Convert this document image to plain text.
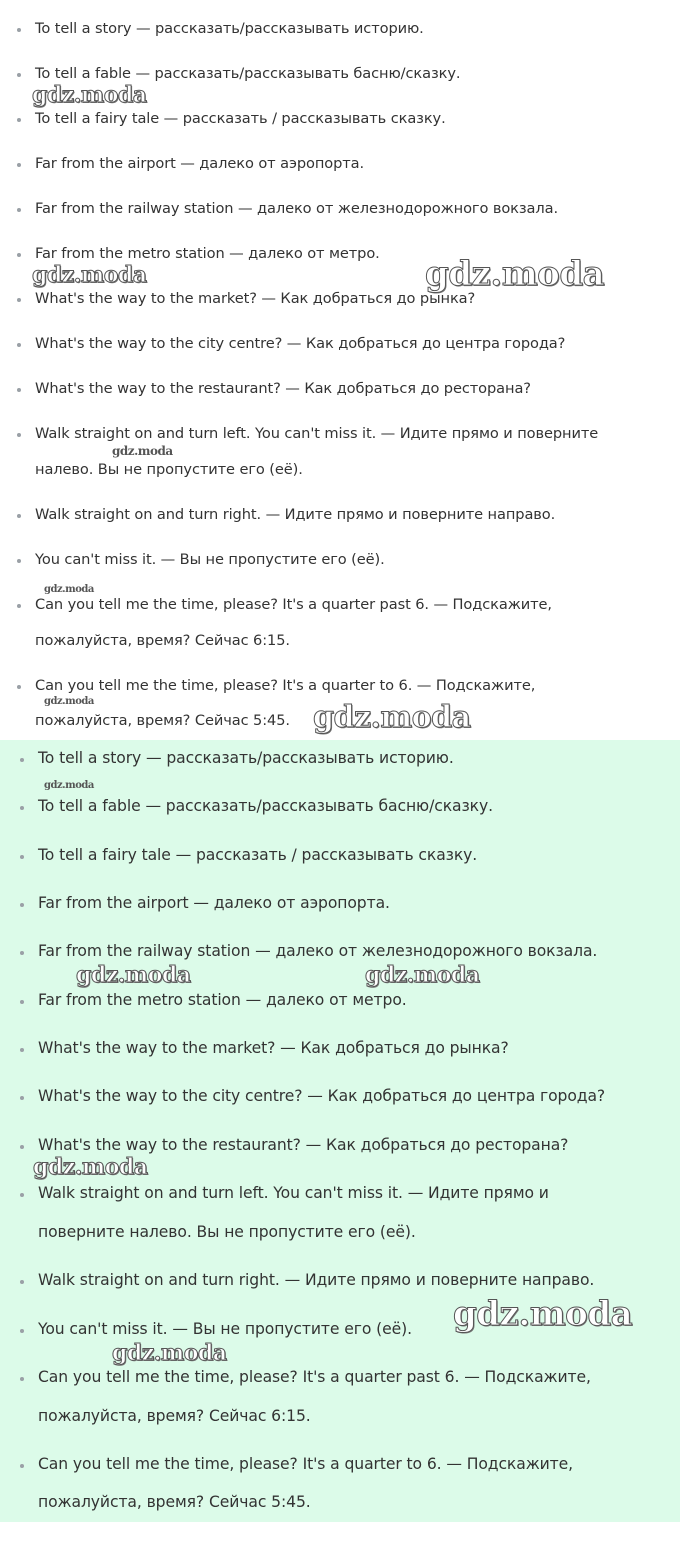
To tell a story — рассказать/рассказывать историю.
To tell a fable — рассказать/рассказывать басню/сказку.
To tell a fairy tale — рассказать / рассказывать сказку.
Far from the airport — далеко от аэропорта.
Far from the railway station — далеко от железнодорожного вокзала.
Far from the metro station — далеко от метро.
What's the way to the market? — Как добраться до рынка?
What's the way to the city centre? — Как добраться до центра города?
What's the way to the restaurant? — Как добраться до ресторана?
Walk straight on and turn left. You can't miss it. — Идите прямо и поверните
налево. Вы не пропустите его (её).
Walk straight on and turn right. — Идите прямо и поверните направо.
You can't miss it. — Вы не пропустите его (её).
Can you tell me the time, please? It's a quarter past 6. — Подскажите,
пожалуйста, время? Сейчас 6:15.
Can you tell me the time, please? It's a quarter to 6. — Подскажите,
пожалуйста, время? Сейчас 5:45.
To tell a story — рассказать/рассказывать историю.
To tell a fable — рассказать/рассказывать басню/сказку.
To tell a fairy tale — рассказать / рассказывать сказку.
Far from the airport — далеко от аэропорта.
Far from the railway station — далеко от железнодорожного вокзала.
Far from the metro station — далеко от метро.
What's the way to the market? — Как добраться до рынка?
What's the way to the city centre? — Как добраться до центра города?
What's the way to the restaurant? — Как добраться до ресторана?
Walk straight on and turn left. You can't miss it. — Идите прямо и
поверните налево. Вы не пропустите его (её).
Walk straight on and turn right. — Идите прямо и поверните направо.
You can't miss it. — Вы не пропустите его (её).
Can you tell me the time, please? It's a quarter past 6. — Подскажите,
пожалуйста, время? Сейчас 6:15.
Can you tell me the time, please? It's a quarter to 6. — Подскажите,
пожалуйста, время? Сейчас 5:45.
gdz.moda
gdz.moda	gdz.moda
gdz.moda
gdz.moda
gdz.moda	gdz.moda
gdz.moda
gdz.moda	gdz.moda
gdz.moda
gdz.moda
gdz.moda
